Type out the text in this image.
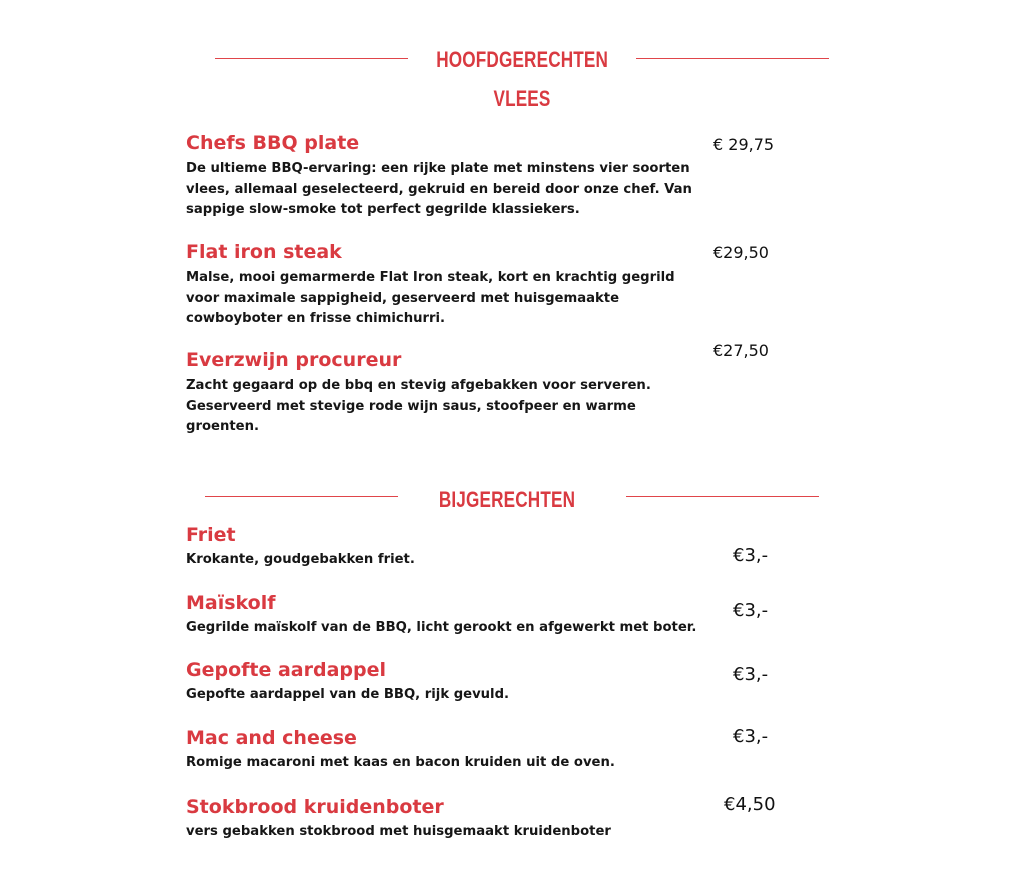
HOOFDGERECHTEN
VLEES
Chefs BBQ plate
De ultieme BBQ-ervaring: een rijke plate met minstens vier soorten vlees, allemaal geselecteerd, gekruid en bereid door onze chef. Van sappige slow-smoke tot perfect gegrilde klassiekers.
€ 29,75
Flat iron steak
Malse, mooi gemarmerde Flat Iron steak, kort en krachtig gegrild voor maximale sappigheid, geserveerd met huisgemaakte cowboyboter en frisse chimichurri.
€29,50
Everzwijn procureur
Zacht gegaard op de bbq en stevig afgebakken voor serveren. Geserveerd met stevige rode wijn saus, stoofpeer en warme groenten.
€27,50
BIJGERECHTEN
Friet
Krokante, goudgebakken friet.	€3,-
Maïskolf
Gegrilde maïskolf van de BBQ, licht gerookt en afgewerkt met boter.
€3,-
Gepofte aardappel
Gepofte aardappel van de BBQ, rijk gevuld.
€3,-
Mac and cheese
Romige macaroni met kaas en bacon kruiden uit de oven.
€3,-
Stokbrood kruidenboter
vers gebakken stokbrood met huisgemaakt kruidenboter
€4,50
